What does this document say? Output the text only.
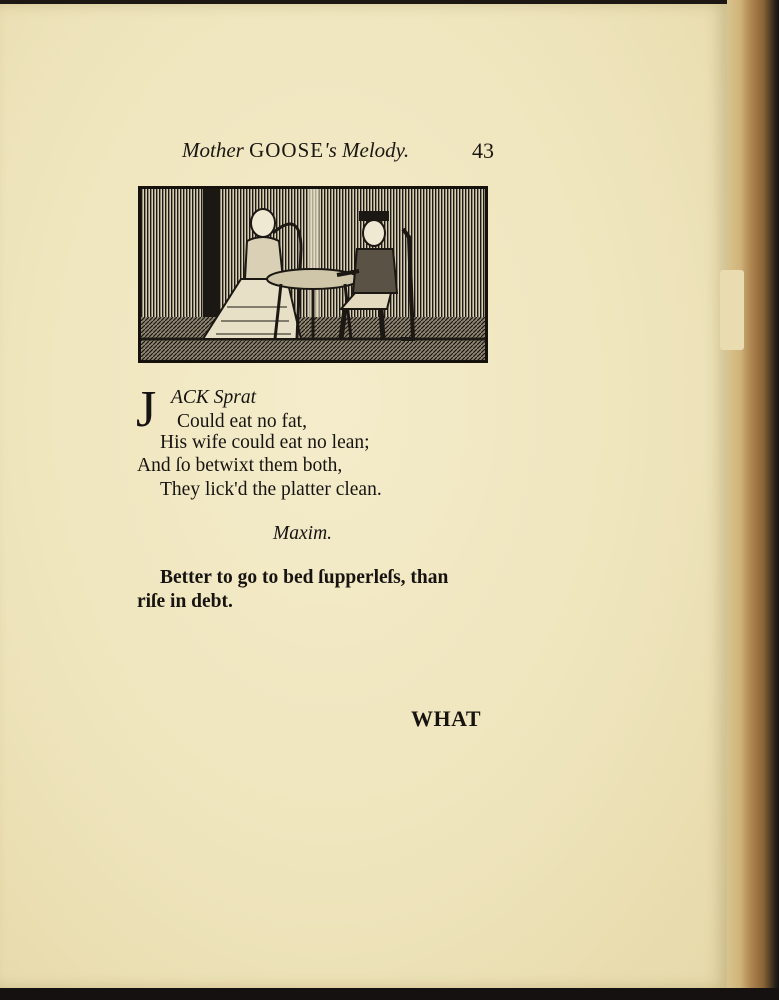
Mother GOOSE's Melody.	43
J ACK Sprat
Could eat no fat,
His wife could eat no lean;
And ſo betwixt them both,
They lick'd the platter clean.
Maxim.
Better to go to bed ſupperleſs, than
riſe in debt.
WHAT
